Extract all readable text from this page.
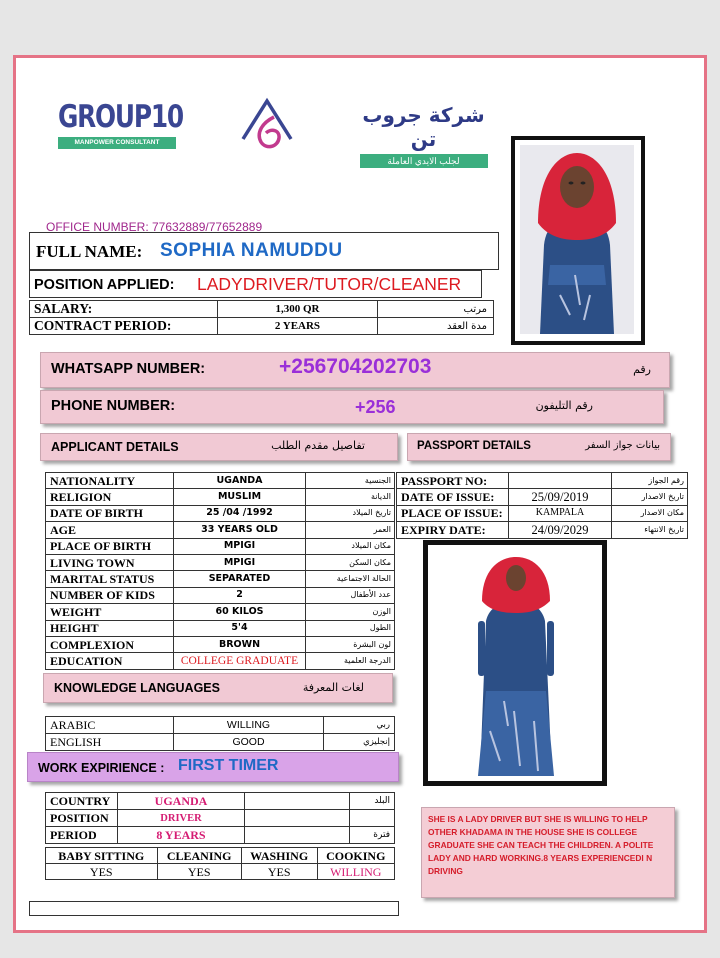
GROUP10
MANPOWER CONSULTANT
شركة جروب تن
لجلب الايدي العاملة
OFFICE NUMBER: 77632889/77652889
FULL NAME: SOPHIA NAMUDDU
POSITION APPLIED: LADYDRIVER/TUTOR/CLEANER
SALARY:	1,300 QR	مرتب
CONTRACT PERIOD:	2 YEARS	مدة العقد
WHATSAPP NUMBER:	+256704202703	رقم
PHONE NUMBER:	+256	رقم التليفون
APPLICANT DETAILS	تفاصيل مقدم الطلب	PASSPORT DETAILS	بيانات جواز السفر
NATIONALITY	UGANDA	الجنسية
RELIGION	MUSLIM	الديانة
DATE OF BIRTH	25 /04 /1992	تاريخ الميلاد
AGE	33 YEARS OLD	العمر
PLACE OF BIRTH	MPIGI	مكان الميلاد
LIVING TOWN	MPIGI	مكان السكن
MARITAL STATUS	SEPARATED	الحالة الاجتماعية
NUMBER OF KIDS	2	عدد الأطفال
WEIGHT	60 KILOS	الوزن
HEIGHT	5'4	الطول
COMPLEXION	BROWN	لون البشرة
EDUCATION	COLLEGE GRADUATE	الدرجة العلمية
PASSPORT NO:		رقم الجواز
DATE OF ISSUE:	25/09/2019	تاريخ الاصدار
PLACE OF ISSUE:	KAMPALA	مكان الاصدار
EXPIRY DATE:	24/09/2029	تاريخ الانتهاء
KNOWLEDGE LANGUAGES	لغات المعرفة
ARABIC	WILLING	ربي
ENGLISH	GOOD	إنجليزي
WORK EXPIRIENCE : FIRST TIMER
COUNTRY	UGANDA		البلد
POSITION	DRIVER		
PERIOD	8 YEARS		فترة
BABY SITTING	CLEANING	WASHING	COOKING
YES	YES	YES	WILLING
SHE IS A LADY DRIVER BUT SHE IS WILLING TO HELP OTHER KHADAMA IN THE HOUSE SHE IS COLLEGE GRADUATE SHE CAN TEACH THE CHILDREN. A POLITE LADY AND HARD WORKING.8 YEARS EXPERIENCEDI N DRIVING
